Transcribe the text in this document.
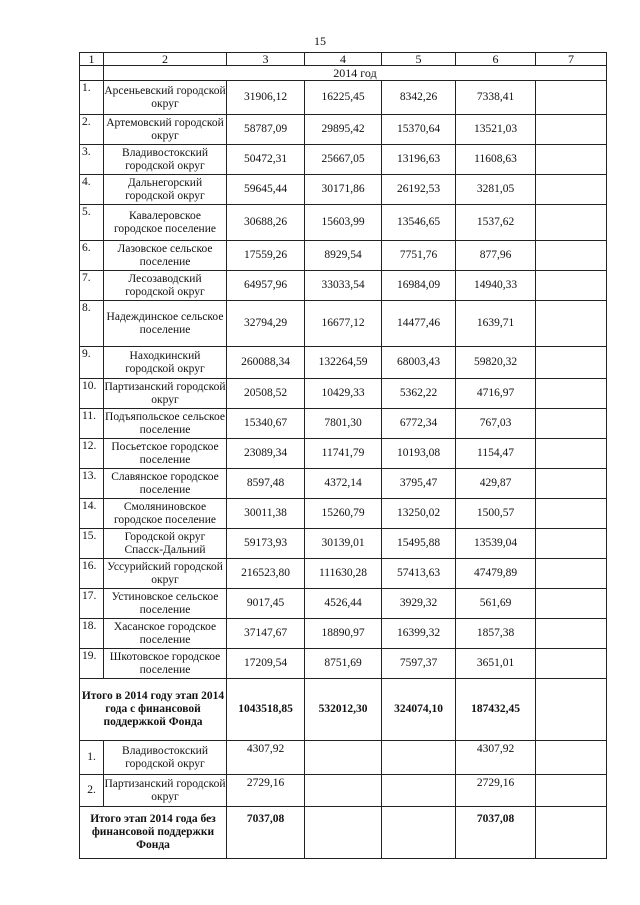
15
1	2	3	4	5	6	7
	2014 год					
1.	Арсеньевский городской округ	31906,12	16225,45	8342,26	7338,41	
2.	Артемовский городской округ	58787,09	29895,42	15370,64	13521,03	
3.	Владивостокский городской округ	50472,31	25667,05	13196,63	11608,63	
4.	Дальнегорский городской округ	59645,44	30171,86	26192,53	3281,05	
5.	Кавалеровское городское поселение	30688,26	15603,99	13546,65	1537,62	
6.	Лазовское сельское поселение	17559,26	8929,54	7751,76	877,96	
7.	Лесозаводский городской округ	64957,96	33033,54	16984,09	14940,33	
8.	Надеждинское сельское поселение	32794,29	16677,12	14477,46	1639,71	
9.	Находкинский городской округ	260088,34	132264,59	68003,43	59820,32	
10.	Партизанский городской округ	20508,52	10429,33	5362,22	4716,97	
11.	Подъяпольское сельское поселение	15340,67	7801,30	6772,34	767,03	
12.	Посьетское городское поселение	23089,34	11741,79	10193,08	1154,47	
13.	Славянское городское поселение	8597,48	4372,14	3795,47	429,87	
14.	Смоляниновское городское поселение	30011,38	15260,79	13250,02	1500,57	
15.	Городской округ Спасск-Дальний	59173,93	30139,01	15495,88	13539,04	
16.	Уссурийский городской округ	216523,80	111630,28	57413,63	47479,89	
17.	Устиновское сельское поселение	9017,45	4526,44	3929,32	561,69	
18.	Хасанское городское поселение	37147,67	18890,97	16399,32	1857,38	
19.	Шкотовское городское поселение	17209,54	8751,69	7597,37	3651,01	
Итого в 2014 году этап 2014 года с финансовой поддержкой Фонда		1043518,85	532012,30	324074,10	187432,45	
1.	Владивостокский городской округ	4307,92			4307,92	
2.	Партизанский городской округ	2729,16			2729,16	
Итого этап 2014 года без финансовой поддержки Фонда		7037,08			7037,08	
